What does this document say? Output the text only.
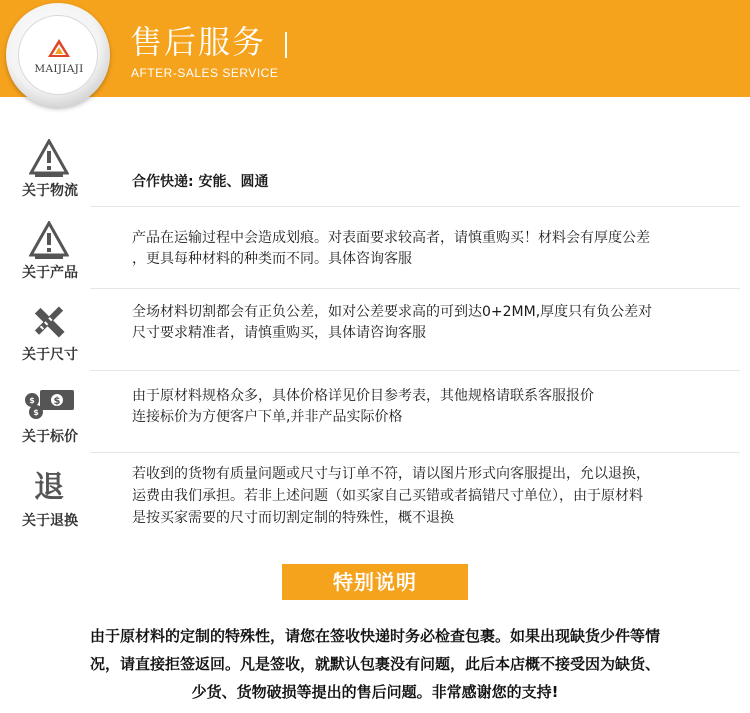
MAIJIAJI
售后服务
AFTER-SALES SERVICE
关于物流
合作快递: 安能、圆通
关于产品
产品在运输过程中会造成划痕。对表面要求较高者，请慎重购买！材料会有厚度公差
，更具每种材料的种类而不同。具体咨询客服
关于尺寸
全场材料切割都会有正负公差，如对公差要求高的可到达0+2MM,厚度只有负公差对
尺寸要求精准者，请慎重购买，具体请咨询客服
$
$
$
关于标价
由于原材料规格众多，具体价格详见价目参考表，其他规格请联系客服报价
连接标价为方便客户下单,并非产品实际价格
退
关于退换
若收到的货物有质量问题或尺寸与订单不符，请以图片形式向客服提出，允以退换，
运费由我们承担。若非上述问题（如买家自己买错或者搞错尺寸单位），由于原材料
是按买家需要的尺寸而切割定制的特殊性，概不退换
特别说明
由于原材料的定制的特殊性，请您在签收快递时务必检查包裹。如果出现缺货少件等情
况，请直接拒签返回。凡是签收，就默认包裹没有问题，此后本店概不接受因为缺货、
少货、货物破损等提出的售后问题。非常感谢您的支持!
